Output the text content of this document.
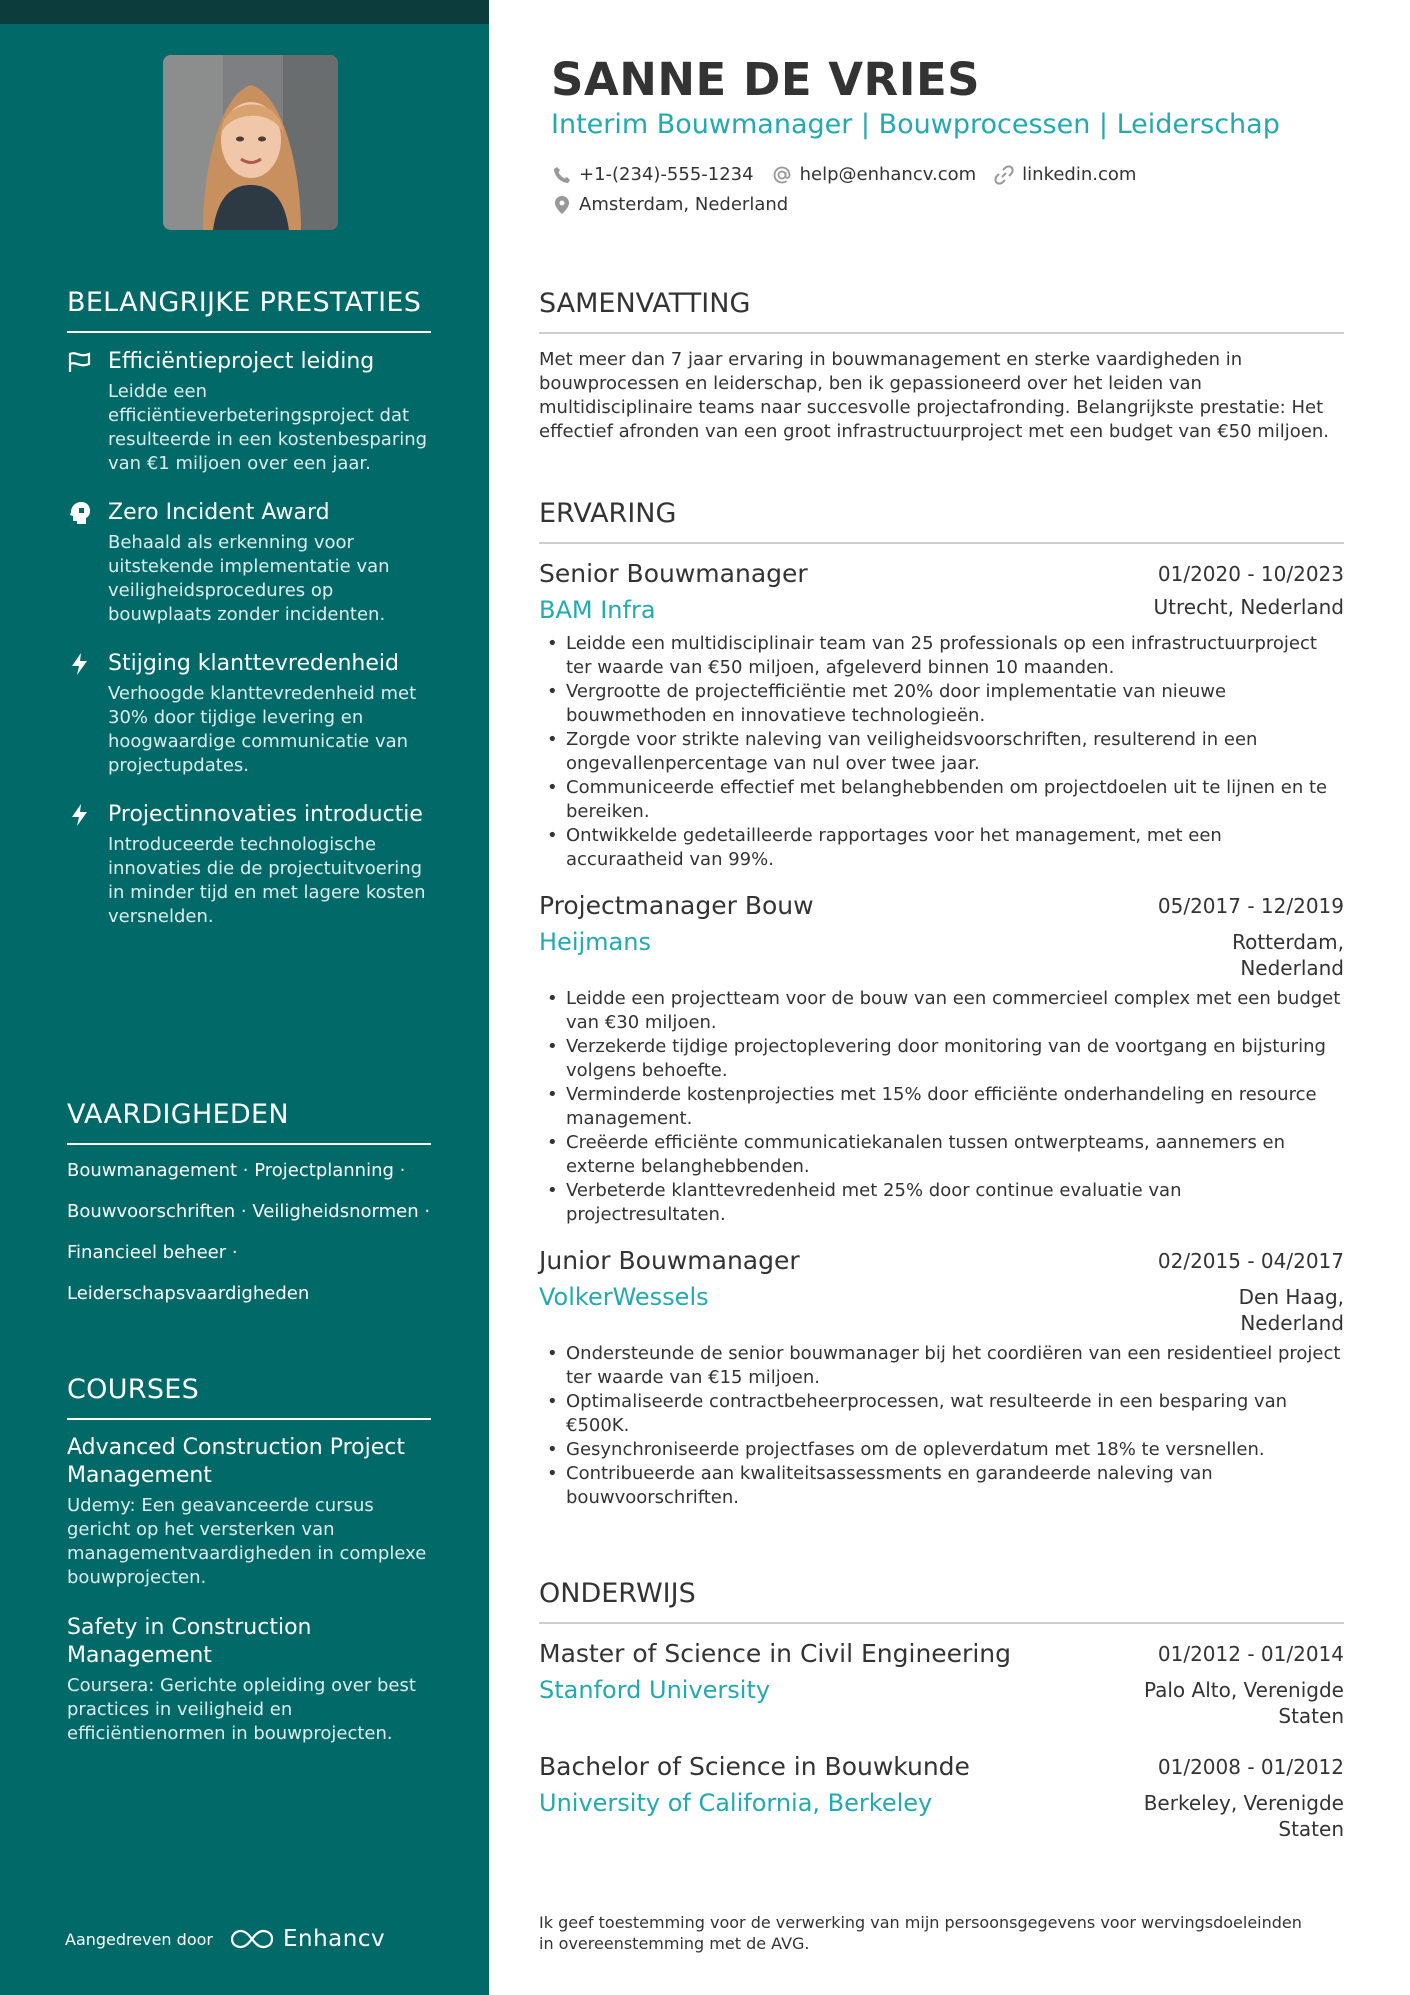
BELANGRIJKE PRESTATIES
Efficiëntieproject leiding
Leidde een efficiëntieverbeteringsproject dat resulteerde in een kostenbesparing van €1 miljoen over een jaar.
Zero Incident Award
Behaald als erkenning voor uitstekende implementatie van veiligheidsprocedures op bouwplaats zonder incidenten.
Stijging klanttevredenheid
Verhoogde klanttevredenheid met 30% door tijdige levering en hoogwaardige communicatie van projectupdates.
Projectinnovaties introductie
Introduceerde technologische innovaties die de projectuitvoering in minder tijd en met lagere kosten versnelden.
VAARDIGHEDEN
Bouwmanagement · Projectplanning ·
Bouwvoorschriften · Veiligheidsnormen ·
Financieel beheer ·
Leiderschapsvaardigheden
COURSES
Advanced Construction Project Management
Udemy: Een geavanceerde cursus gericht op het versterken van managementvaardigheden in complexe bouwprojecten.
Safety in Construction Management
Coursera: Gerichte opleiding over best practices in veiligheid en efficiëntienormen in bouwprojecten.
Aangedreven door	Enhancv
SANNE DE VRIES
Interim Bouwmanager | Bouwprocessen | Leiderschap
+1-(234)-555-1234	help@enhancv.com	linkedin.com
Amsterdam, Nederland
SAMENVATTING

Met meer dan 7 jaar ervaring in bouwmanagement en sterke vaardigheden in bouwprocessen en leiderschap, ben ik gepassioneerd over het leiden van multidisciplinaire teams naar succesvolle projectafronding. Belangrijkste prestatie: Het effectief afronden van een groot infrastructuurproject met een budget van €50 miljoen.

ERVARING
Senior Bouwmanager	01/2020 - 10/2023
BAM Infra	Utrecht, Nederland
• Leidde een multidisciplinair team van 25 professionals op een infrastructuurproject ter waarde van €50 miljoen, afgeleverd binnen 10 maanden.
• Vergrootte de projectefficiëntie met 20% door implementatie van nieuwe bouwmethoden en innovatieve technologieën.
• Zorgde voor strikte naleving van veiligheidsvoorschriften, resulterend in een ongevallenpercentage van nul over twee jaar.
• Communiceerde effectief met belanghebbenden om projectdoelen uit te lijnen en te bereiken.
• Ontwikkelde gedetailleerde rapportages voor het management, met een accuraatheid van 99%.
Projectmanager Bouw	05/2017 - 12/2019
Heijmans	Rotterdam, Nederland
• Leidde een projectteam voor de bouw van een commercieel complex met een budget van €30 miljoen.
• Verzekerde tijdige projectoplevering door monitoring van de voortgang en bijsturing volgens behoefte.
• Verminderde kostenprojecties met 15% door efficiënte onderhandeling en resource management.
• Creëerde efficiënte communicatiekanalen tussen ontwerpteams, aannemers en externe belanghebbenden.
• Verbeterde klanttevredenheid met 25% door continue evaluatie van projectresultaten.
Junior Bouwmanager	02/2015 - 04/2017
VolkerWessels	Den Haag, Nederland
• Ondersteunde de senior bouwmanager bij het coordiëren van een residentieel project ter waarde van €15 miljoen.
• Optimaliseerde contractbeheerprocessen, wat resulteerde in een besparing van €500K.
• Gesynchroniseerde projectfases om de opleverdatum met 18% te versnellen.
• Contribueerde aan kwaliteitsassessments en garandeerde naleving van bouwvoorschriften.
ONDERWIJS
Master of Science in Civil Engineering	01/2012 - 01/2014
Stanford University	Palo Alto, Verenigde Staten
Bachelor of Science in Bouwkunde	01/2008 - 01/2012
University of California, Berkeley	Berkeley, Verenigde Staten

Ik geef toestemming voor de verwerking van mijn persoonsgegevens voor wervingsdoeleinden in overeenstemming met de AVG.
